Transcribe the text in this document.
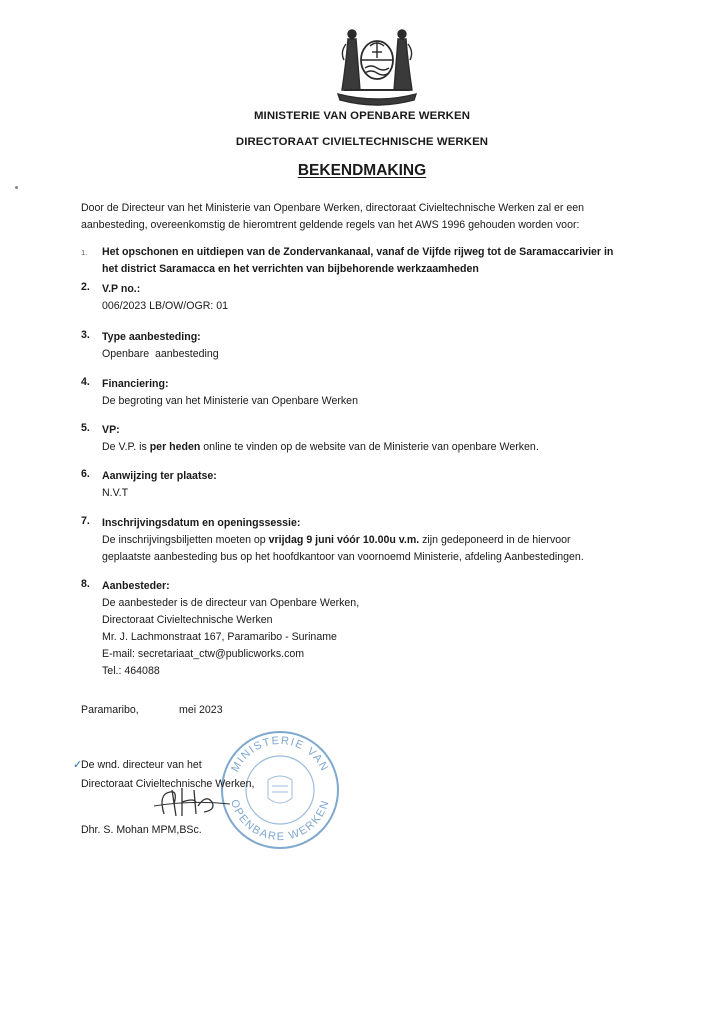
MINISTERIE VAN OPENBARE WERKEN
DIRECTORAAT CIVIELTECHNISCHE WERKEN
BEKENDMAKING
Door de Directeur van het Ministerie van Openbare Werken, directoraat Civieltechnische Werken zal er een
aanbesteding, overeenkomstig de hieromtrent geldende regels van het AWS 1996 gehouden worden voor:
1. Het opschonen en uitdiepen van de Zondervankanaal, vanaf de Vijfde rijweg tot de Saramaccarivier in
het district Saramacca en het verrichten van bijbehorende werkzaamheden
2. V.P no.:
006/2023 LB/OW/OGR: 01
3. Type aanbesteding:
Openbare  aanbesteding
4. Financiering:
De begroting van het Ministerie van Openbare Werken
5. VP:
De V.P. is per heden online te vinden op de website van de Ministerie van openbare Werken.
6. Aanwijzing ter plaatse:
N.V.T
7. Inschrijvingsdatum en openingssessie:
De inschrijvingsbiljetten moeten op vrijdag 9 juni vóór 10.00u v.m. zijn gedeponeerd in de hiervoor
geplaatste aanbesteding bus op het hoofdkantoor van voornoemd Ministerie, afdeling Aanbestedingen.
8. Aanbesteder:
De aanbesteder is de directeur van Openbare Werken,
Directoraat Civieltechnische Werken
Mr. J. Lachmonstraat 167, Paramaribo - Suriname
E-mail: secretariaat_ctw@publicworks.com
Tel.: 464088
Paramaribo,	mei 2023
MINISTERIE VAN
OPENBARE WERKEN
✓
De wnd. directeur van het
Directoraat Civieltechnische Werken,
Dhr. S. Mohan MPM,BSc.
